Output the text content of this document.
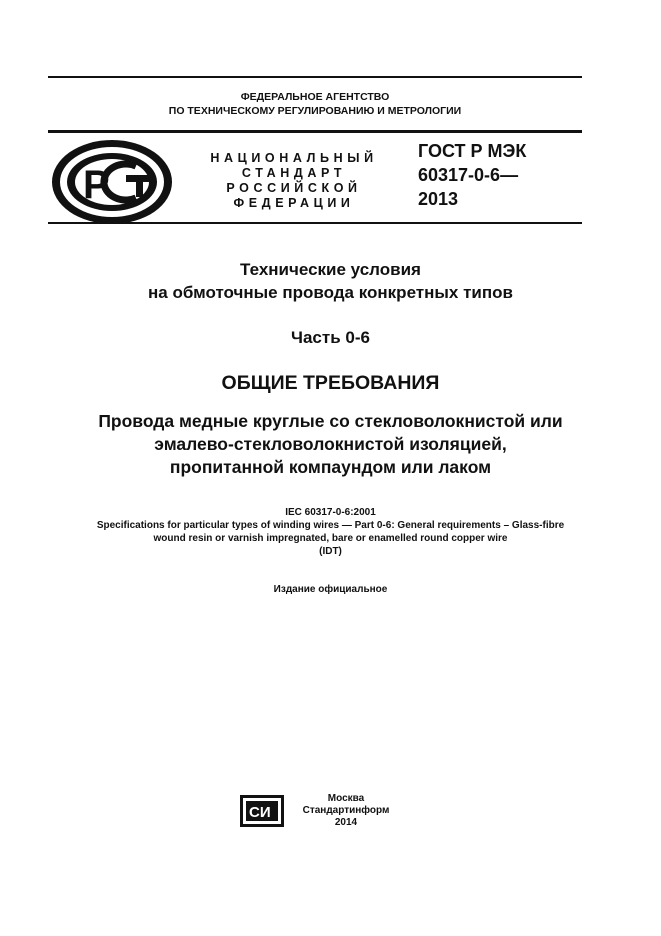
ФЕДЕРАЛЬНОЕ АГЕНТСТВО
ПО ТЕХНИЧЕСКОМУ РЕГУЛИРОВАНИЮ И МЕТРОЛОГИИ
P
НАЦИОНАЛЬНЫЙ
СТАНДАРТ
РОССИЙСКОЙ
ФЕДЕРАЦИИ
ГОСТ Р МЭК
60317-0-6—
2013
Технические условия
на обмоточные провода конкретных типов
Часть 0-6
ОБЩИЕ ТРЕБОВАНИЯ
Провода медные круглые со стекловолокнистой или
эмалево-стекловолокнистой изоляцией,
пропитанной компаундом или лаком
IEC 60317-0-6:2001
Specifications for particular types of winding wires — Part 0-6: General requirements – Glass-fibre
wound resin or varnish impregnated, bare or enamelled round copper wire
(IDT)
Издание официальное
СИ
Москва
Стандартинформ
2014
